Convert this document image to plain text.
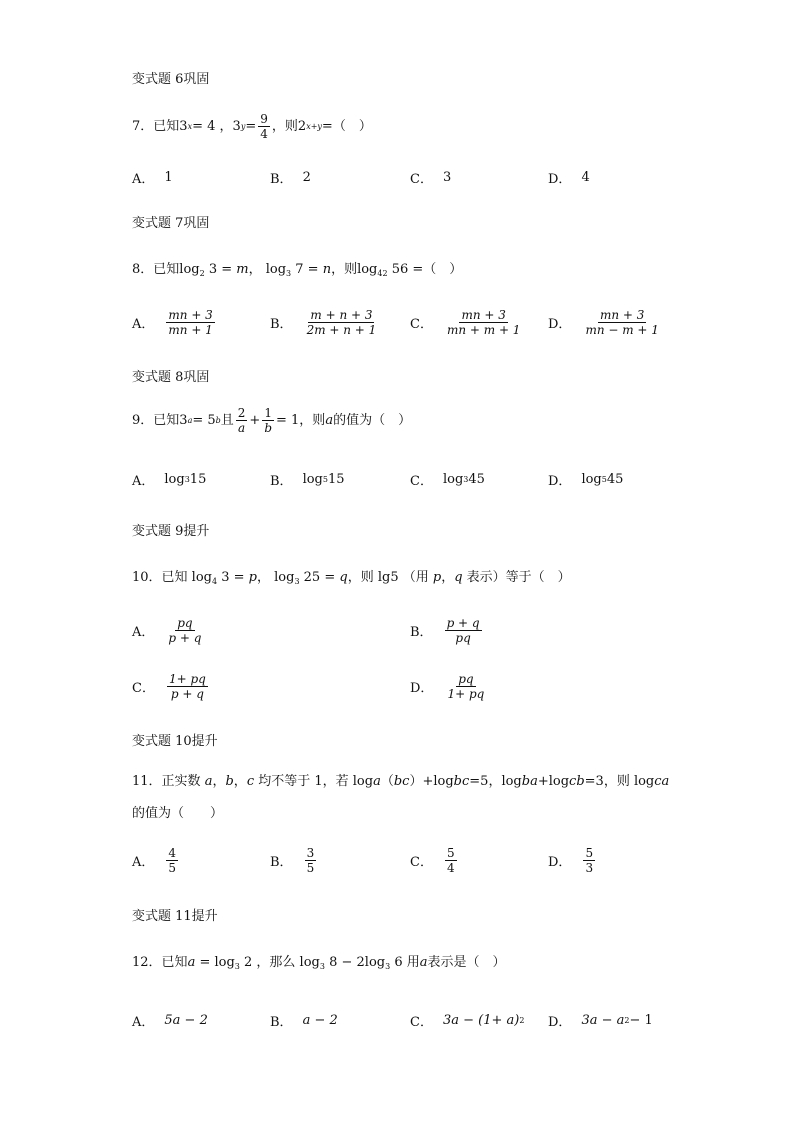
变式题 6巩固
7． 已知 3 x = 4 ， 3 $y = \frac{9}{4}$ ，则 2 x+y =（　）
A． 1	B． 2	C． 3	D． 4
变式题 7巩固
8．已知$\log_2 3 = m$， $\log_3 7 = n$，则$\log_{42} 56$ =（　）
A． $\frac{mn + 3}{mn + 1}$	B． $\frac{m + n + 3}{2m + n + 1}$ C． $\frac{mn + 3}{mn + m + 1}$ D． $\frac{mn + 3}{mn - m + 1}$
变式题 8巩固
9． 已知3 a = 5 b 且 $\frac{2}{a} + \frac{1}{b} = 1$，则 a 的值为（　）
A． log 3 15	B． log 5 15	C． log 3 45	D． log 5 45
变式题 9提升
10．已知 $\log_4 3 = p$， $\log_3 25 = q$，则 lg5 （用 p，q 表示）等于（　）
A． $\frac{pq}{p + q}$	B． $\frac{p + q}{pq}$
C． $\frac{1+ pq}{p + q}$	D． $\frac{pq}{1+ pq}$
变式题 10提升
11．正实数 a，b，c 均不等于 1，若 loga（bc）+logbc=5，logba+logcb=3，则 logca
的值为（　　）
A． $\frac{4}{5}$	B． $\frac{3}{5}$	C． $\frac{5}{4}$	D． $\frac{5}{3}$
变式题 11提升
12．已知$a = \log_3 2$ ，那么 $\log_3 8 - 2\log_3$ 6 用a表示是（　）
A． 5a − 2	B． a − 2	C． 3a − (1+ a) 2 D． 3a − a 2 − 1
